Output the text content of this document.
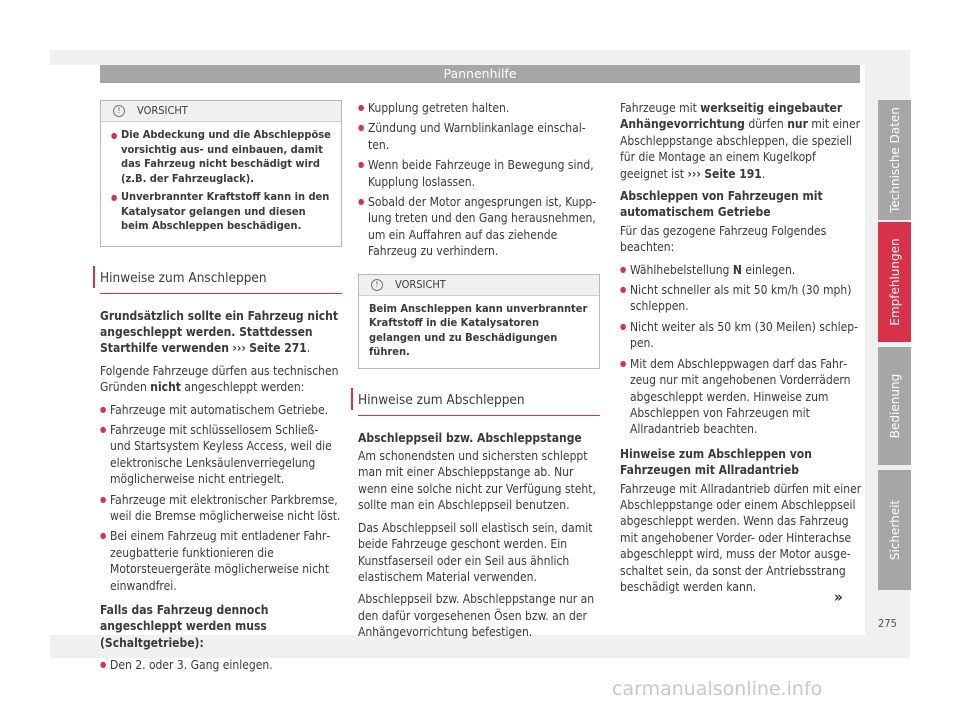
Pannenhilfe
!	VORSICHT
● Die Abdeckung und die Abschleppöse vorsichtig aus- und einbauen, damit das Fahrzeug nicht beschädigt wird (z.B. der Fahrzeuglack).
● Unverbrannter Kraftstoff kann in den Katalysator gelangen und diesen beim Abschleppen beschädigen.
Hinweise zum Anschleppen

Grundsätzlich sollte ein Fahrzeug nicht angeschleppt werden. Stattdessen Starthilfe verwenden ››› Seite 271.

Folgende Fahrzeuge dürfen aus technischen Gründen nicht angeschleppt werden:

● Fahrzeuge mit automatischem Getriebe.
● Fahrzeuge mit schlüssellosem Schließ- und Startsystem Keyless Access, weil die elektronische Lenksäulenverriegelung möglicherweise nicht entriegelt.
● Fahrzeuge mit elektronischer Parkbremse, weil die Bremse möglicherweise nicht löst.
● Bei einem Fahrzeug mit entladener Fahrzeugbatterie funktionieren die Motorsteuergeräte möglicherweise nicht einwandfrei.

Falls das Fahrzeug dennoch angeschleppt werden muss (Schaltgetriebe):

● Den 2. oder 3. Gang einlegen.
● Kupplung getreten halten.
● Zündung und Warnblinkanlage einschalten.
● Wenn beide Fahrzeuge in Bewegung sind, Kupplung loslassen.
● Sobald der Motor angesprungen ist, Kupplung treten und den Gang herausnehmen, um ein Auffahren auf das ziehende Fahrzeug zu verhindern.
!	VORSICHT
Beim Anschleppen kann unverbrannter Kraftstoff in die Katalysatoren gelangen und zu Beschädigungen führen.
Hinweise zum Abschleppen

Abschleppseil bzw. Abschleppstange

Am schonendsten und sichersten schleppt man mit einer Abschleppstange ab. Nur wenn eine solche nicht zur Verfügung steht, sollte man ein Abschleppseil benutzen.

Das Abschleppseil soll elastisch sein, damit beide Fahrzeuge geschont werden. Ein Kunstfaserseil oder ein Seil aus ähnlich elastischem Material verwenden.

Abschleppseil bzw. Abschleppstange nur an den dafür vorgesehenen Ösen bzw. an der Anhängevorrichtung befestigen.

Fahrzeuge mit werkseitig eingebauter Anhängevorrichtung dürfen nur mit einer Abschleppstange abschleppen, die speziell für die Montage an einem Kugelkopf geeignet ist ››› Seite 191.

Abschleppen von Fahrzeugen mit automatischem Getriebe

Für das gezogene Fahrzeug Folgendes beachten:

● Wählhebelstellung N einlegen.
● Nicht schneller als mit 50 km/h (30 mph) schleppen.
● Nicht weiter als 50 km (30 Meilen) schleppen.
● Mit dem Abschleppwagen darf das Fahrzeug nur mit angehobenen Vorderrädern abgeschleppt werden. Hinweise zum Abschleppen von Fahrzeugen mit Allradantrieb beachten.

Hinweise zum Abschleppen von Fahrzeugen mit Allradantrieb

Fahrzeuge mit Allradantrieb dürfen mit einer Abschleppstange oder einem Abschleppseil abgeschleppt werden. Wenn das Fahrzeug mit angehobener Vorder- oder Hinterachse abgeschleppt wird, muss der Motor ausgeschaltet sein, da sonst der Antriebsstrang beschädigt werden kann.

»
Technische Daten
Empfehlungen
Bedienung
Sicherheit
275
carmanualsonline.info
